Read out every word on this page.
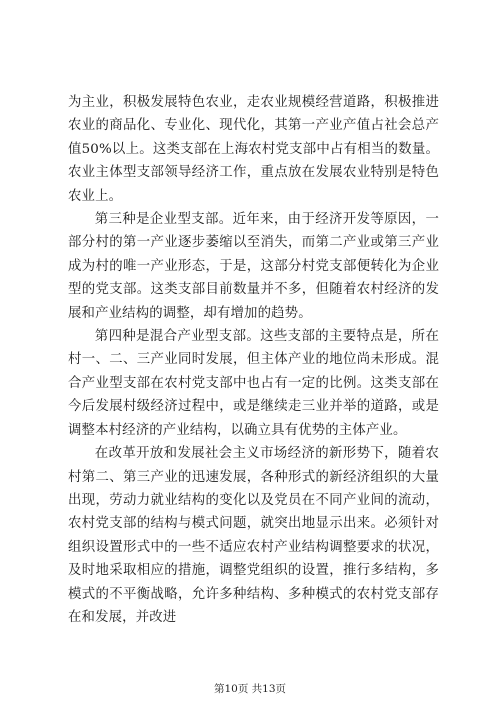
为主业，积极发展特色农业，走农业规模经营道路，积极推进农业的商品化、专业化、现代化，其第一产业产值占社会总产值50%以上。这类支部在上海农村党支部中占有相当的数量。农业主体型支部领导经济工作，重点放在发展农业特别是特色农业上。

第三种是企业型支部。近年来，由于经济开发等原因，一部分村的第一产业逐步萎缩以至消失，而第二产业或第三产业成为村的唯一产业形态，于是，这部分村党支部便转化为企业型的党支部。这类支部目前数量并不多，但随着农村经济的发展和产业结构的调整，却有增加的趋势。

第四种是混合产业型支部。这些支部的主要特点是，所在村一、二、三产业同时发展，但主体产业的地位尚未形成。混合产业型支部在农村党支部中也占有一定的比例。这类支部在今后发展村级经济过程中，或是继续走三业并举的道路，或是调整本村经济的产业结构，以确立具有优势的主体产业。

在改革开放和发展社会主义市场经济的新形势下，随着农村第二、第三产业的迅速发展，各种形式的新经济组织的大量出现，劳动力就业结构的变化以及党员在不同产业间的流动，农村党支部的结构与模式问题，就突出地显示出来。必须针对组织设置形式中的一些不适应农村产业结构调整要求的状况，及时地采取相应的措施，调整党组织的设置，推行多结构，多模式的不平衡战略，允许多种结构、多种模式的农村党支部存在和发展，并改进

第10页 共13页
